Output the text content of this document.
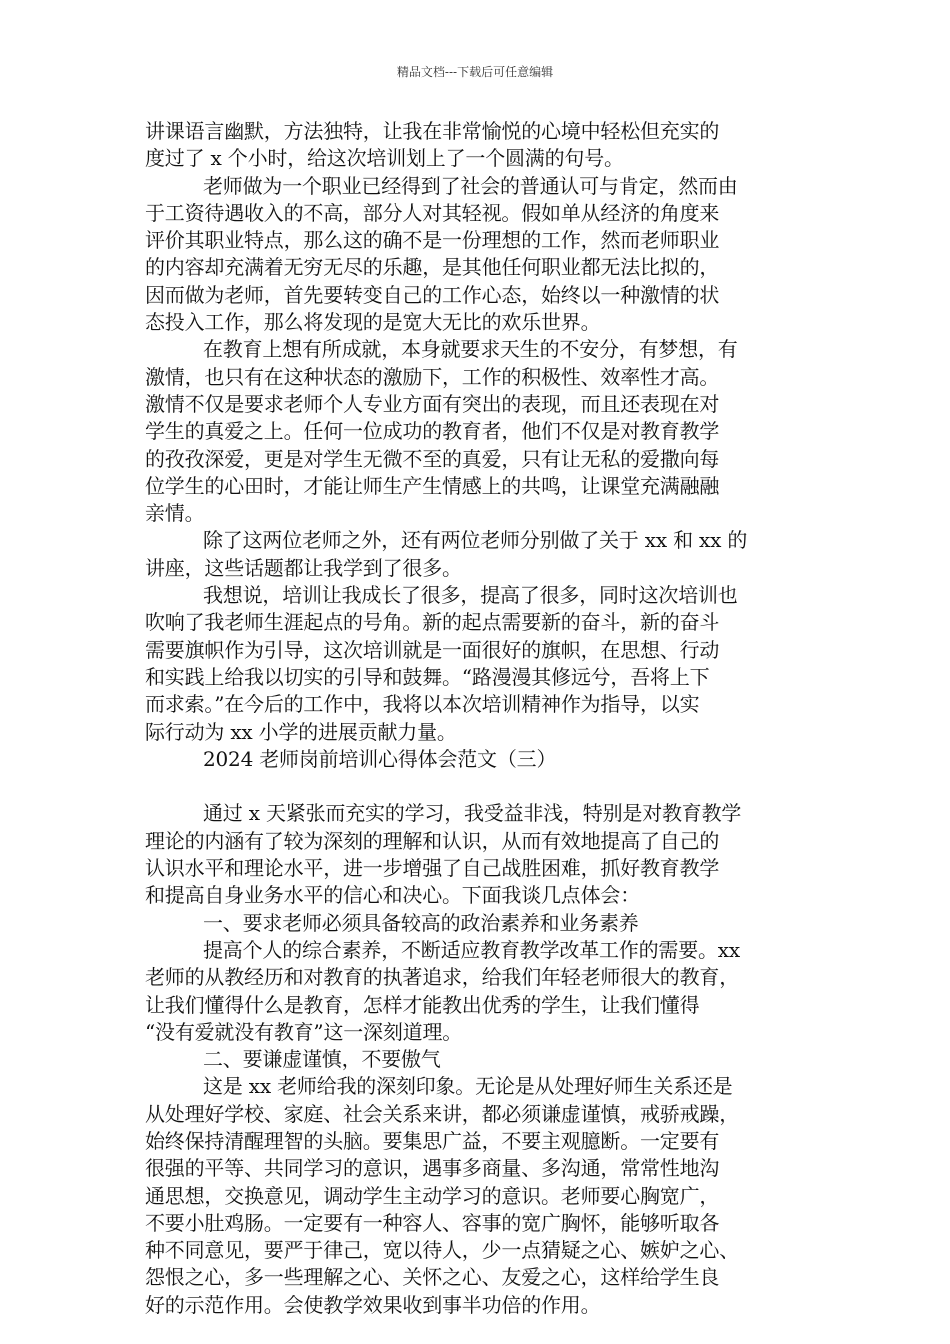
精品文档---下载后可任意编辑
讲课语言幽默，方法独特，让我在非常愉悦的心境中轻松但充实的
度过了 x 个小时，给这次培训划上了一个圆满的句号。
老师做为一个职业已经得到了社会的普通认可与肯定，然而由
于工资待遇收入的不高，部分人对其轻视。假如单从经济的角度来
评价其职业特点，那么这的确不是一份理想的工作，然而老师职业
的内容却充满着无穷无尽的乐趣，是其他任何职业都无法比拟的，
因而做为老师，首先要转变自己的工作心态，始终以一种激情的状
态投入工作，那么将发现的是宽大无比的欢乐世界。
在教育上想有所成就，本身就要求天生的不安分，有梦想，有
激情，也只有在这种状态的激励下，工作的积极性、效率性才高。
激情不仅是要求老师个人专业方面有突出的表现，而且还表现在对
学生的真爱之上。任何一位成功的教育者，他们不仅是对教育教学
的孜孜深爱，更是对学生无微不至的真爱，只有让无私的爱撒向每
位学生的心田时，才能让师生产生情感上的共鸣，让课堂充满融融
亲情。
除了这两位老师之外，还有两位老师分别做了关于 xx 和 xx 的
讲座，这些话题都让我学到了很多。
我想说，培训让我成长了很多，提高了很多，同时这次培训也
吹响了我老师生涯起点的号角。新的起点需要新的奋斗，新的奋斗
需要旗帜作为引导，这次培训就是一面很好的旗帜，在思想、行动
和实践上给我以切实的引导和鼓舞。“路漫漫其修远兮，吾将上下
而求索。”在今后的工作中，我将以本次培训精神作为指导，以实
际行动为 xx 小学的进展贡献力量。
2024 老师岗前培训心得体会范文（三）
通过 x 天紧张而充实的学习，我受益非浅，特别是对教育教学
理论的内涵有了较为深刻的理解和认识，从而有效地提高了自己的
认识水平和理论水平，进一步增强了自己战胜困难，抓好教育教学
和提高自身业务水平的信心和决心。下面我谈几点体会：
一、要求老师必须具备较高的政治素养和业务素养
提高个人的综合素养，不断适应教育教学改革工作的需要。xx
老师的从教经历和对教育的执著追求，给我们年轻老师很大的教育，
让我们懂得什么是教育，怎样才能教出优秀的学生，让我们懂得
“没有爱就没有教育”这一深刻道理。
二、要谦虚谨慎，不要傲气
这是 xx 老师给我的深刻印象。无论是从处理好师生关系还是
从处理好学校、家庭、社会关系来讲，都必须谦虚谨慎，戒骄戒躁，
始终保持清醒理智的头脑。要集思广益，不要主观臆断。一定要有
很强的平等、共同学习的意识，遇事多商量、多沟通，常常性地沟
通思想，交换意见，调动学生主动学习的意识。老师要心胸宽广，
不要小肚鸡肠。一定要有一种容人、容事的宽广胸怀，能够听取各
种不同意见，要严于律己，宽以待人，少一点猜疑之心、嫉妒之心、
怨恨之心，多一些理解之心、关怀之心、友爱之心，这样给学生良
好的示范作用。会使教学效果收到事半功倍的作用。
